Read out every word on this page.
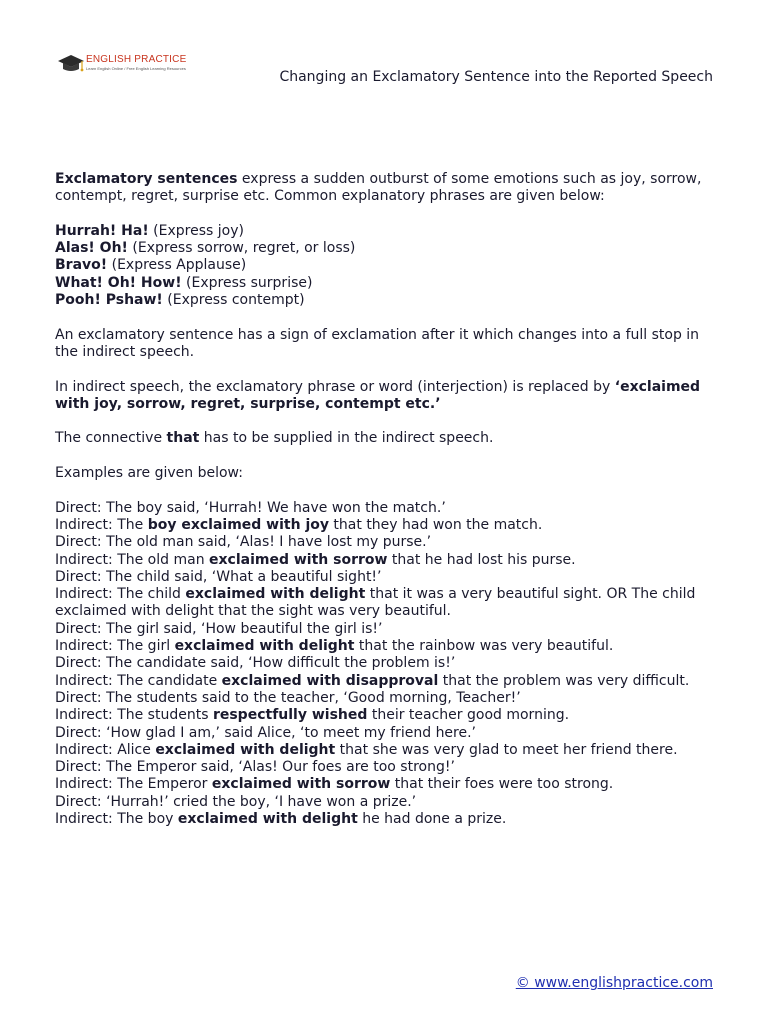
ENGLISH PRACTICE
Learn English Online / Free English Learning Resources
Changing an Exclamatory Sentence into the Reported Speech

Exclamatory sentences express a sudden outburst of some emotions such as joy, sorrow, contempt, regret, surprise etc. Common explanatory phrases are given below:

Hurrah! Ha! (Express joy)

Alas! Oh! (Express sorrow, regret, or loss)

Bravo! (Express Applause)

What! Oh! How! (Express surprise)

Pooh! Pshaw! (Express contempt)

An exclamatory sentence has a sign of exclamation after it which changes into a full stop in the indirect speech.

In indirect speech, the exclamatory phrase or word (interjection) is replaced by ‘exclaimed with joy, sorrow, regret, surprise, contempt etc.’

The connective that has to be supplied in the indirect speech.

Examples are given below:

Direct: The boy said, ‘Hurrah! We have won the match.’

Indirect: The boy exclaimed with joy that they had won the match.

Direct: The old man said, ‘Alas! I have lost my purse.’

Indirect: The old man exclaimed with sorrow that he had lost his purse.

Direct: The child said, ‘What a beautiful sight!’

Indirect: The child exclaimed with delight that it was a very beautiful sight. OR The child exclaimed with delight that the sight was very beautiful.

Direct: The girl said, ‘How beautiful the girl is!’

Indirect: The girl exclaimed with delight that the rainbow was very beautiful.

Direct: The candidate said, ‘How difficult the problem is!’

Indirect: The candidate exclaimed with disapproval that the problem was very difficult.

Direct: The students said to the teacher, ‘Good morning, Teacher!’

Indirect: The students respectfully wished their teacher good morning.

Direct: ‘How glad I am,’ said Alice, ‘to meet my friend here.’

Indirect: Alice exclaimed with delight that she was very glad to meet her friend there.

Direct: The Emperor said, ‘Alas! Our foes are too strong!’

Indirect: The Emperor exclaimed with sorrow that their foes were too strong.

Direct: ‘Hurrah!’ cried the boy, ‘I have won a prize.’

Indirect: The boy exclaimed with delight he had done a prize.

© www.englishpractice.com
